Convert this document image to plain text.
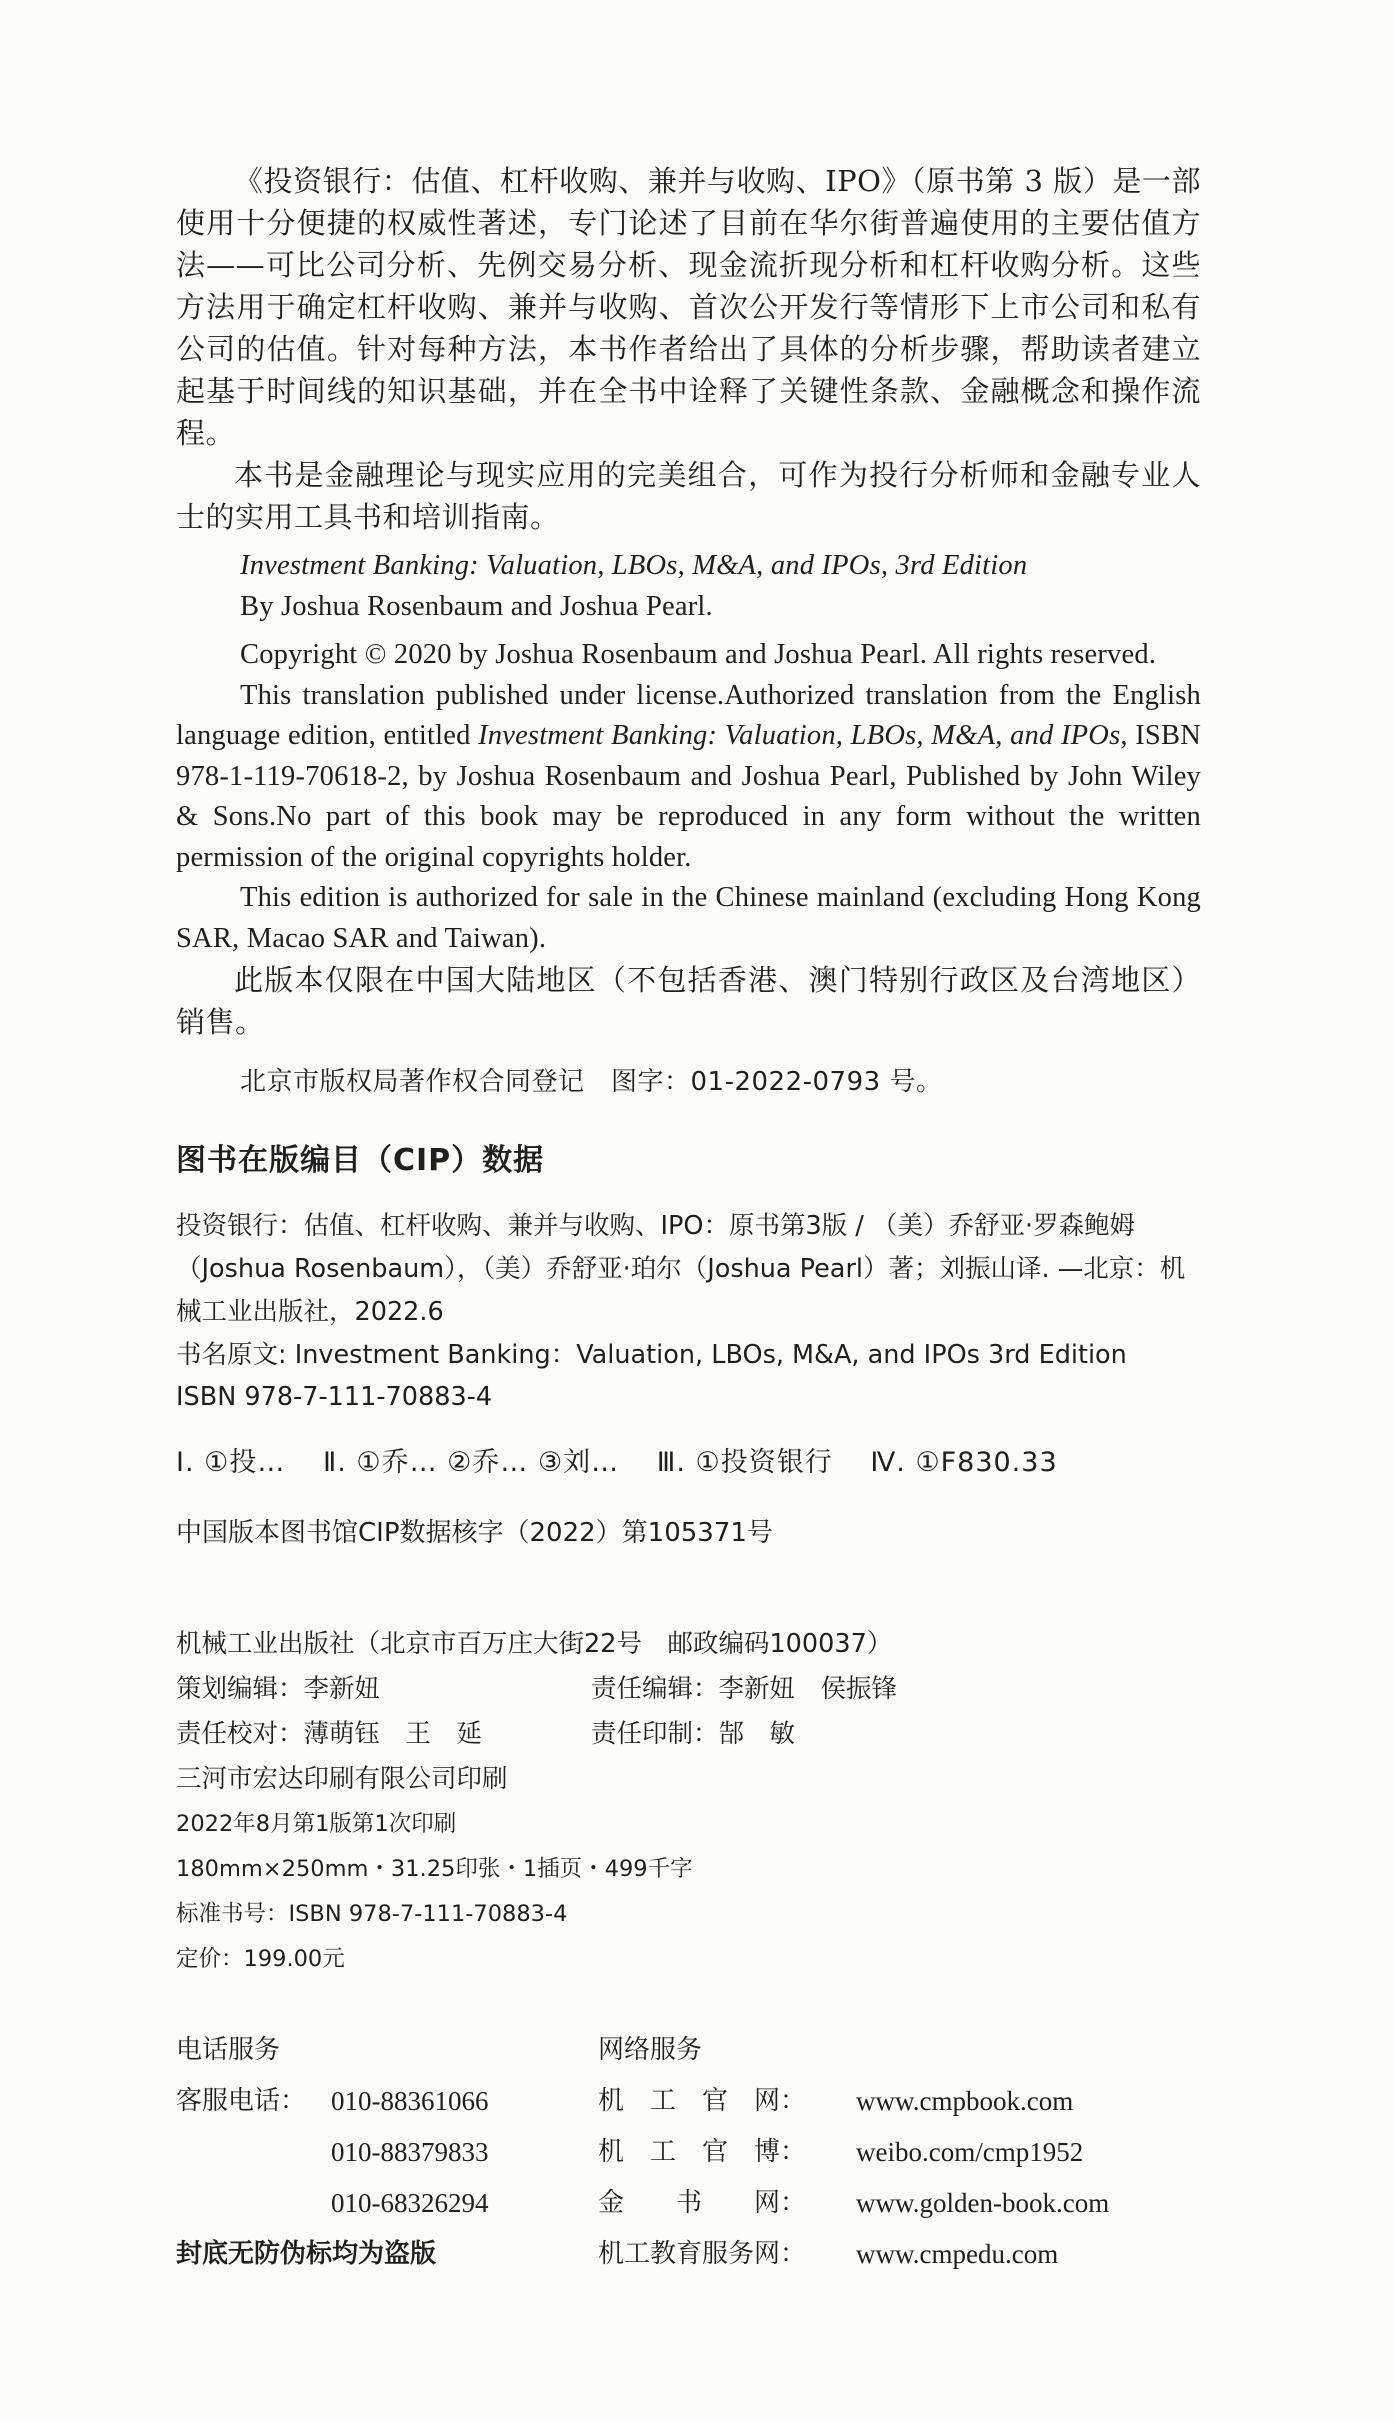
《投资银行：估值、杠杆收购、兼并与收购、IPO》（原书第 3 版）是一部使用十分便捷的权威性著述，专门论述了目前在华尔街普遍使用的主要估值方法——可比公司分析、先例交易分析、现金流折现分析和杠杆收购分析。这些方法用于确定杠杆收购、兼并与收购、首次公开发行等情形下上市公司和私有公司的估值。针对每种方法，本书作者给出了具体的分析步骤，帮助读者建立起基于时间线的知识基础，并在全书中诠释了关键性条款、金融概念和操作流程。

本书是金融理论与现实应用的完美组合，可作为投行分析师和金融专业人士的实用工具书和培训指南。

Investment Banking: Valuation, LBOs, M&A, and IPOs, 3rd Edition

By Joshua Rosenbaum and Joshua Pearl.

Copyright © 2020 by Joshua Rosenbaum and Joshua Pearl. All rights reserved.

This translation published under license.Authorized translation from the English language edition, entitled Investment Banking: Valuation, LBOs, M&A, and IPOs, ISBN 978-1-119-70618-2, by Joshua Rosenbaum and Joshua Pearl, Published by John Wiley & Sons.No part of this book may be reproduced in any form without the written permission of the original copyrights holder.

This edition is authorized for sale in the Chinese mainland (excluding Hong Kong SAR, Macao SAR and Taiwan).

此版本仅限在中国大陆地区（不包括香港、澳门特别行政区及台湾地区）销售。

北京市版权局著作权合同登记　图字：01-2022-0793 号。

图书在版编目（CIP）数据

投资银行：估值、杠杆收购、兼并与收购、IPO：原书第3版 / （美）乔舒亚·罗森鲍姆（Joshua Rosenbaum），（美）乔舒亚·珀尔（Joshua Pearl）著；刘振山译. —北京：机械工业出版社，2022.6

书名原文: Investment Banking：Valuation, LBOs, M&A, and IPOs 3rd Edition

ISBN 978-7-111-70883-4

Ⅰ. ①投… Ⅱ. ①乔… ②乔… ③刘… Ⅲ. ①投资银行 Ⅳ. ①F830.33

中国版本图书馆CIP数据核字（2022）第105371号

机械工业出版社（北京市百万庄大街22号　邮政编码100037）
策划编辑：李新妞	责任编辑：李新妞　侯振锋
责任校对：薄萌钰　王　延	责任印制：郜　敏
三河市宏达印刷有限公司印刷
2022年8月第1版第1次印刷
180mm×250mm・31.25印张・1插页・499千字
标准书号：ISBN 978-7-111-70883-4
定价：199.00元
电话服务	网络服务
客服电话： 010-88361066	机　工　官　网： www.cmpbook.com
010-88379833	机　工　官　博： weibo.com/cmp1952
010-68326294	金　　书　　网： www.golden-book.com
封底无防伪标均为盗版	机工教育服务网： www.cmpedu.com
